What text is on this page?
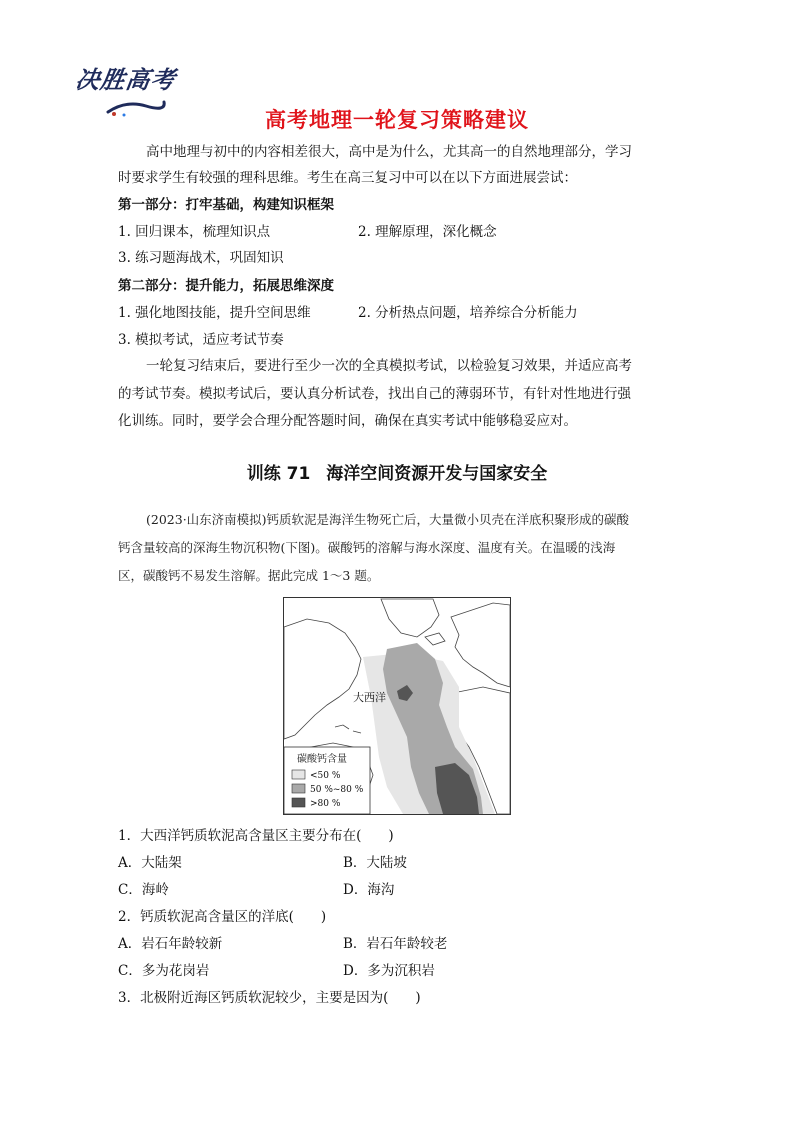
决胜高考
高考地理一轮复习策略建议
高中地理与初中的内容相差很大，高中是为什么，尤其高一的自然地理部分，学习
时要求学生有较强的理科思维。考生在高三复习中可以在以下方面进展尝试：
第一部分：打牢基础，构建知识框架
1. 回归课本，梳理知识点	2. 理解原理，深化概念
3. 练习题海战术，巩固知识
第二部分：提升能力，拓展思维深度
1. 强化地图技能，提升空间思维	2. 分析热点问题，培养综合分析能力
3. 模拟考试，适应考试节奏
一轮复习结束后，要进行至少一次的全真模拟考试，以检验复习效果，并适应高考
的考试节奏。模拟考试后，要认真分析试卷，找出自己的薄弱环节，有针对性地进行强
化训练。同时，要学会合理分配答题时间，确保在真实考试中能够稳妥应对。
训练 71 海洋空间资源开发与国家安全
(2023·山东济南模拟)钙质软泥是海洋生物死亡后，大量微小贝壳在洋底积聚形成的碳酸
钙含量较高的深海生物沉积物(下图)。碳酸钙的溶解与海水深度、温度有关。在温暖的浅海
区，碳酸钙不易发生溶解。据此完成 1～3 题。
大西洋
碳酸钙含量
<50 %
50 %~80 %
>80 %
1．大西洋钙质软泥高含量区主要分布在(　　)
A．大陆架	B．大陆坡
C．海岭	D．海沟
2．钙质软泥高含量区的洋底(　　)
A．岩石年龄较新	B．岩石年龄较老
C．多为花岗岩	D．多为沉积岩
3．北极附近海区钙质软泥较少，主要是因为(　　)
